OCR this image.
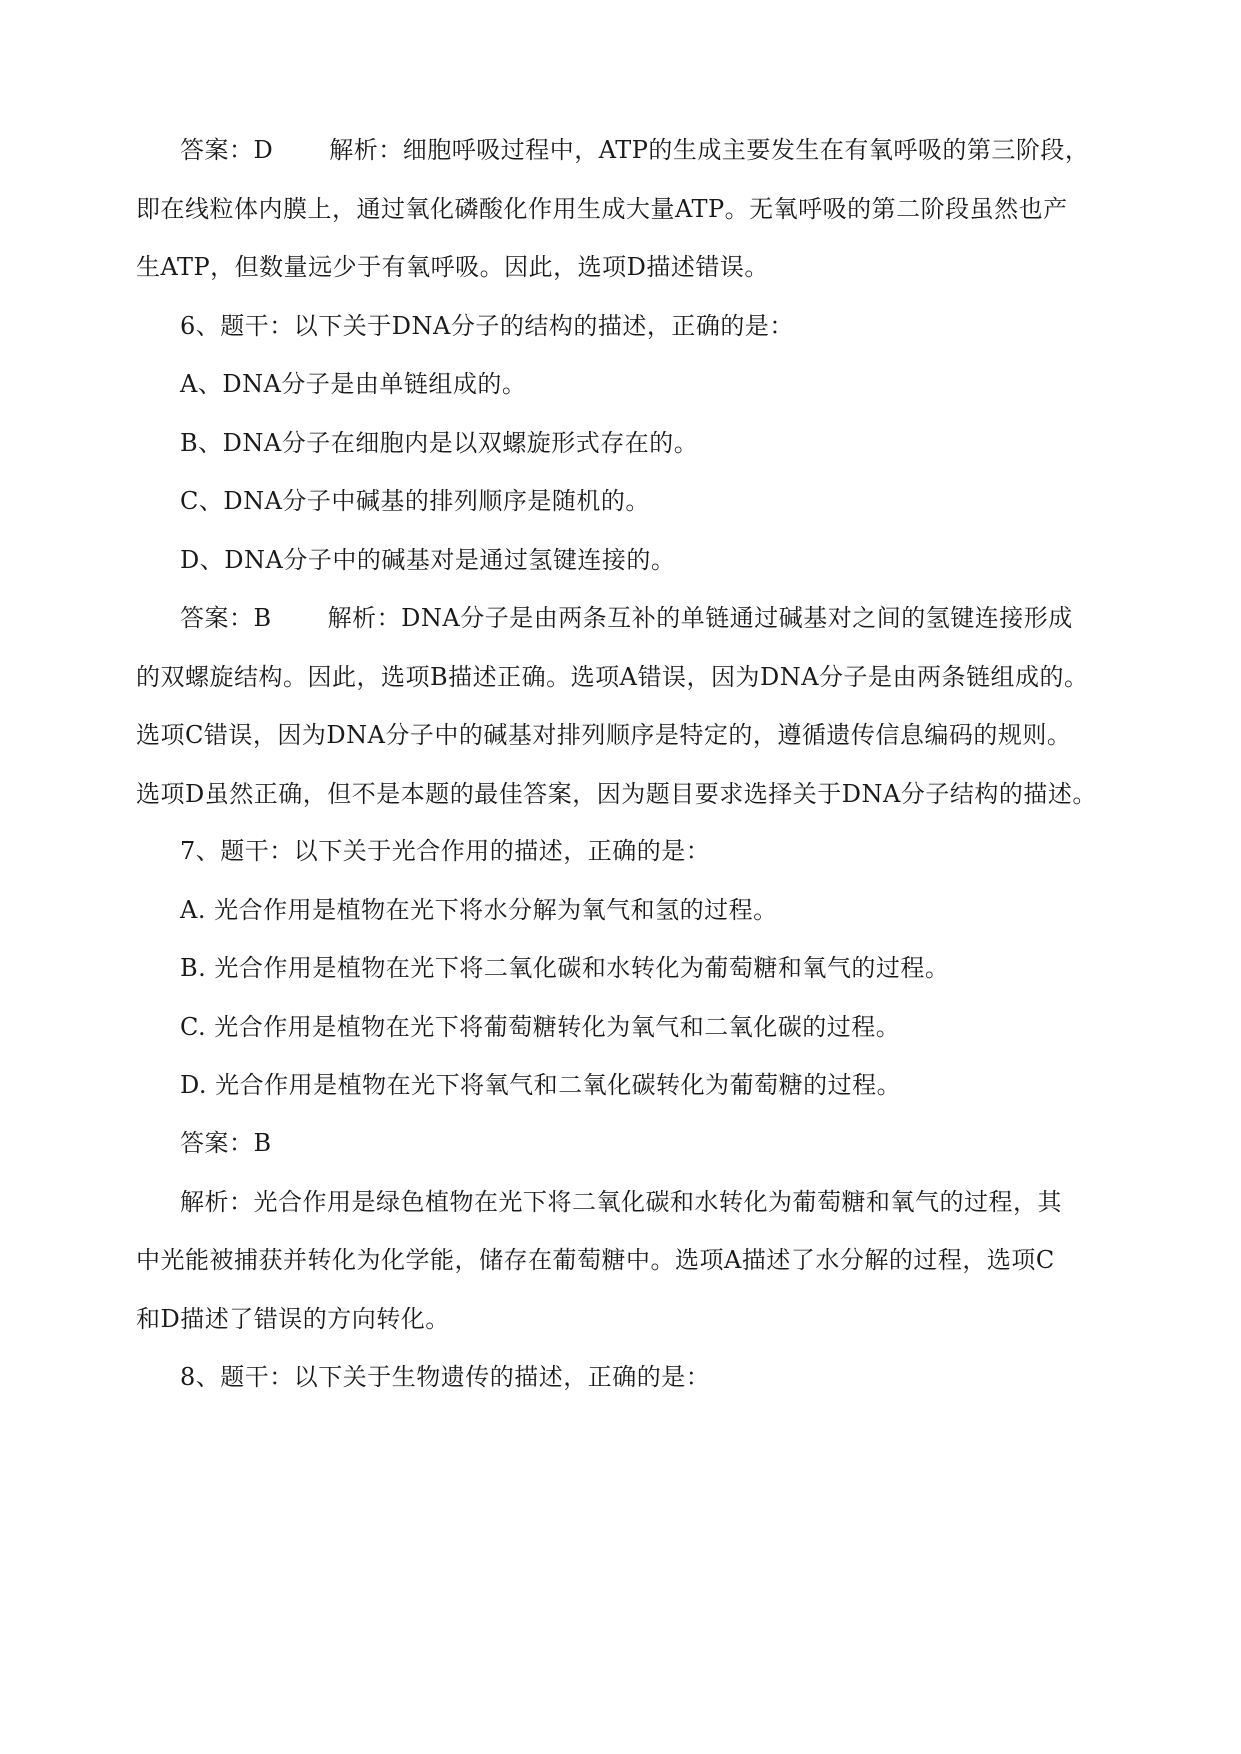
答案：D 解析：细胞呼吸过程中，ATP的生成主要发生在有氧呼吸的第三阶段，
即在线粒体内膜上，通过氧化磷酸化作用生成大量ATP。无氧呼吸的第二阶段虽然也产
生ATP，但数量远少于有氧呼吸。因此，选项D描述错误。
6、题干：以下关于DNA分子的结构的描述，正确的是：
A、DNA分子是由单链组成的。
B、DNA分子在细胞内是以双螺旋形式存在的。
C、DNA分子中碱基的排列顺序是随机的。
D、DNA分子中的碱基对是通过氢键连接的。
答案：B 解析：DNA分子是由两条互补的单链通过碱基对之间的氢键连接形成
的双螺旋结构。因此，选项B描述正确。选项A错误，因为DNA分子是由两条链组成的。
选项C错误，因为DNA分子中的碱基对排列顺序是特定的，遵循遗传信息编码的规则。
选项D虽然正确，但不是本题的最佳答案，因为题目要求选择关于DNA分子结构的描述。
7、题干：以下关于光合作用的描述，正确的是：
A. 光合作用是植物在光下将水分解为氧气和氢的过程。
B. 光合作用是植物在光下将二氧化碳和水转化为葡萄糖和氧气的过程。
C. 光合作用是植物在光下将葡萄糖转化为氧气和二氧化碳的过程。
D. 光合作用是植物在光下将氧气和二氧化碳转化为葡萄糖的过程。
答案：B
解析：光合作用是绿色植物在光下将二氧化碳和水转化为葡萄糖和氧气的过程，其
中光能被捕获并转化为化学能，储存在葡萄糖中。选项A描述了水分解的过程，选项C
和D描述了错误的方向转化。
8、题干：以下关于生物遗传的描述，正确的是：
